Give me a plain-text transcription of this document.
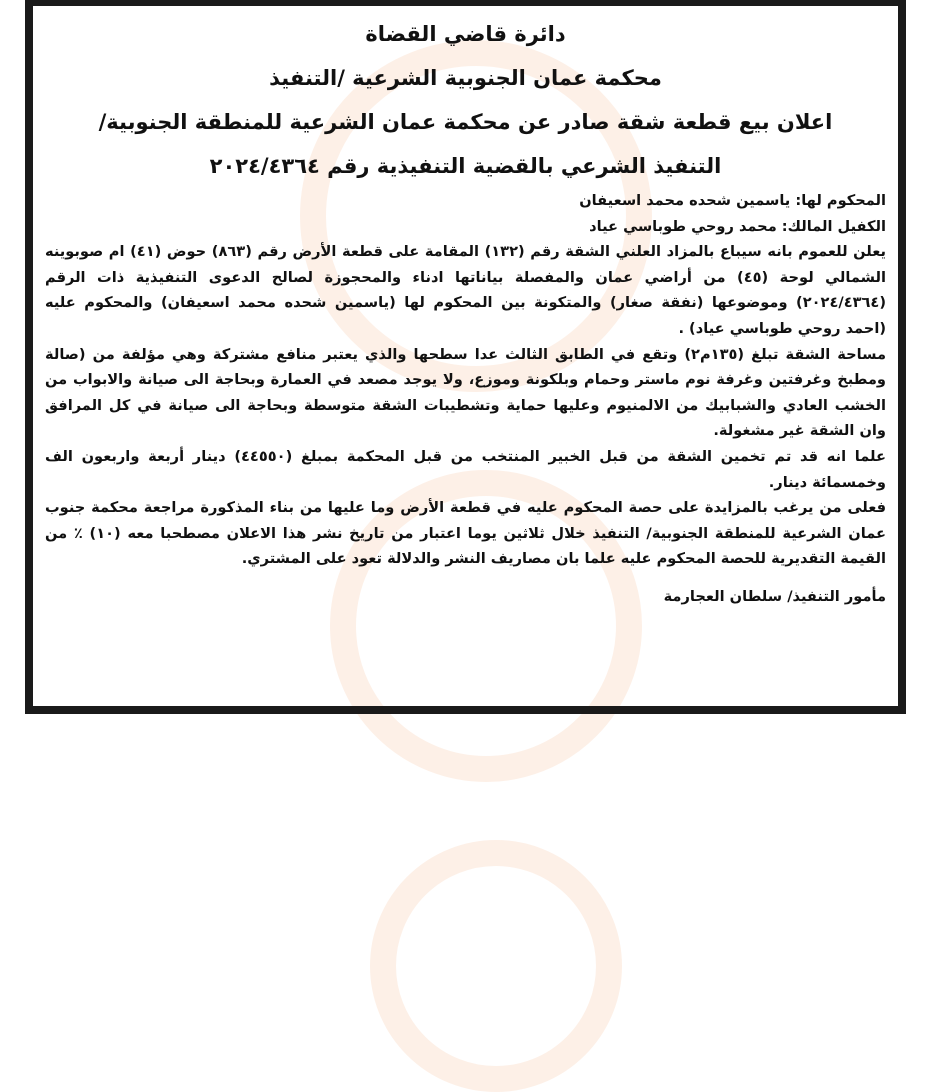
دائرة قاضي القضاة
محكمة عمان الجنوبية الشرعية /التنفيذ
اعلان بيع قطعة شقة صادر عن محكمة عمان الشرعية للمنطقة الجنوبية/
التنفيذ الشرعي بالقضية التنفيذية رقم ٢٠٢٤/٤٣٦٤

المحكوم لها: ياسمين شحده محمد اسعيفان

الكفيل المالك: محمد روحي طوباسي عياد

يعلن للعموم بانه سيباع بالمزاد العلني الشقة رقم (١٣٢) المقامة على قطعة الأرض رقم (٨٦٣) حوض (٤١) ام صوبوينه الشمالي لوحة (٤٥) من أراضي عمان والمفصلة بياناتها ادناء والمحجوزة لصالح الدعوى التنفيذية ذات الرقم (٢٠٢٤/٤٣٦٤) وموضوعها (نفقة صغار) والمتكونة بين المحكوم لها (ياسمين شحده محمد اسعيفان) والمحكوم عليه (احمد روحي طوباسي عياد) .

مساحة الشقة تبلغ (١٣٥م٢) وتقع في الطابق الثالث عدا سطحها والذي يعتبر منافع مشتركة وهي مؤلفة من (صالة ومطبخ وغرفتين وغرفة نوم ماستر وحمام وبلكونة وموزع، ولا يوجد مصعد في العمارة وبحاجة الى صيانة والابواب من الخشب العادي والشبابيك من الالمنيوم وعليها حماية وتشطيبات الشقة متوسطة وبحاجة الى صيانة في كل المرافق وان الشقة غير مشغولة.

علما انه قد تم تخمين الشقة من قبل الخبير المنتخب من قبل المحكمة بمبلغ (٤٤٥٥٠) دينار أربعة واربعون الف وخمسمائة دينار.

فعلى من يرغب بالمزايدة على حصة المحكوم عليه في قطعة الأرض وما عليها من بناء المذكورة مراجعة محكمة جنوب عمان الشرعية للمنطقة الجنوبية/ التنفيذ خلال ثلاثين يوما اعتبار من تاريخ نشر هذا الاعلان مصطحبا معه (١٠) ٪ من القيمة التقديرية للحصة المحكوم عليه علما بان مصاريف النشر والدلالة تعود على المشتري.

مأمور التنفيذ/ سلطان العجارمة
